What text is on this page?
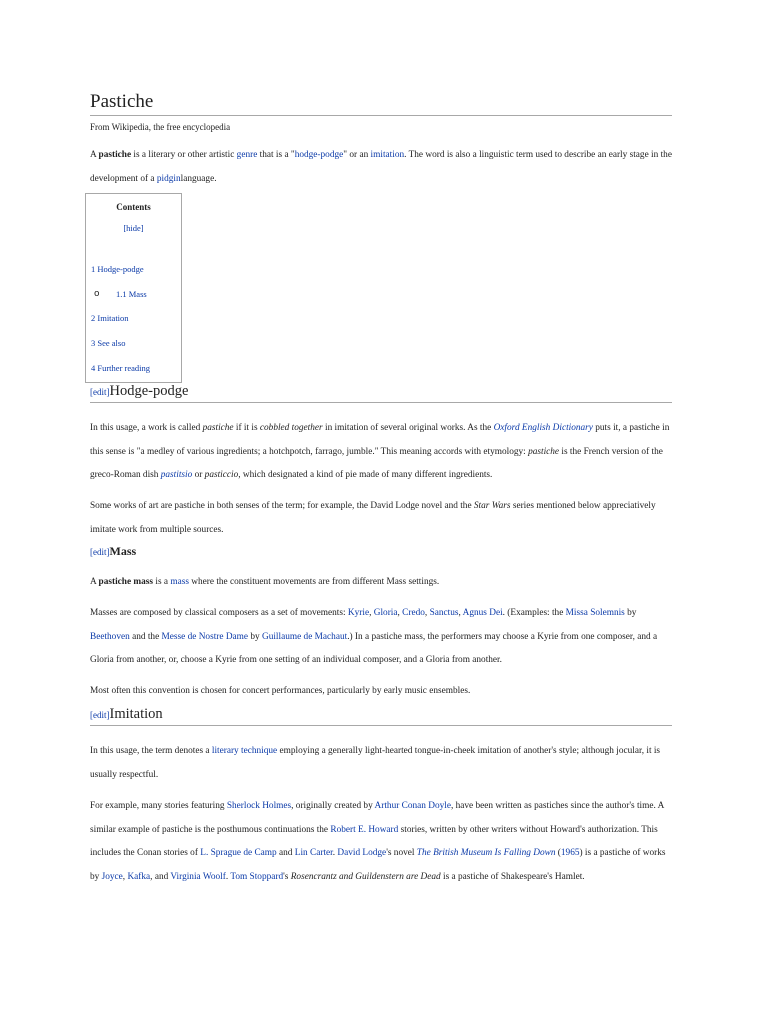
Pastiche
From Wikipedia, the free encyclopedia

A pastiche is a literary or other artistic genre that is a "hodge-podge" or an imitation. The word is also a linguistic term used to describe an early stage in the development of a pidginlanguage.

Contents
[hide]
1 Hodge-podge
o 1.1 Mass
2 Imitation
3 See also
4 Further reading
[edit]Hodge-podge

In this usage, a work is called pastiche if it is cobbled together in imitation of several original works. As the Oxford English Dictionary puts it, a pastiche in this sense is "a medley of various ingredients; a hotchpotch, farrago, jumble." This meaning accords with etymology: pastiche is the French version of the greco-Roman dish pastitsio or pasticcio, which designated a kind of pie made of many different ingredients.

Some works of art are pastiche in both senses of the term; for example, the David Lodge novel and the Star Wars series mentioned below appreciatively imitate work from multiple sources.

[edit]Mass

A pastiche mass is a mass where the constituent movements are from different Mass settings.

Masses are composed by classical composers as a set of movements: Kyrie, Gloria, Credo, Sanctus, Agnus Dei. (Examples: the Missa Solemnis by Beethoven and the Messe de Nostre Dame by Guillaume de Machaut.) In a pastiche mass, the performers may choose a Kyrie from one composer, and a Gloria from another, or, choose a Kyrie from one setting of an individual composer, and a Gloria from another.

Most often this convention is chosen for concert performances, particularly by early music ensembles.

[edit]Imitation

In this usage, the term denotes a literary technique employing a generally light-hearted tongue-in-cheek imitation of another's style; although jocular, it is usually respectful.

For example, many stories featuring Sherlock Holmes, originally created by Arthur Conan Doyle, have been written as pastiches since the author's time. A similar example of pastiche is the posthumous continuations the Robert E. Howard stories, written by other writers without Howard's authorization. This includes the Conan stories of L. Sprague de Camp and Lin Carter. David Lodge's novel The British Museum Is Falling Down (1965) is a pastiche of works by Joyce, Kafka, and Virginia Woolf. Tom Stoppard's Rosencrantz and Guildenstern are Dead is a pastiche of Shakespeare's Hamlet.
